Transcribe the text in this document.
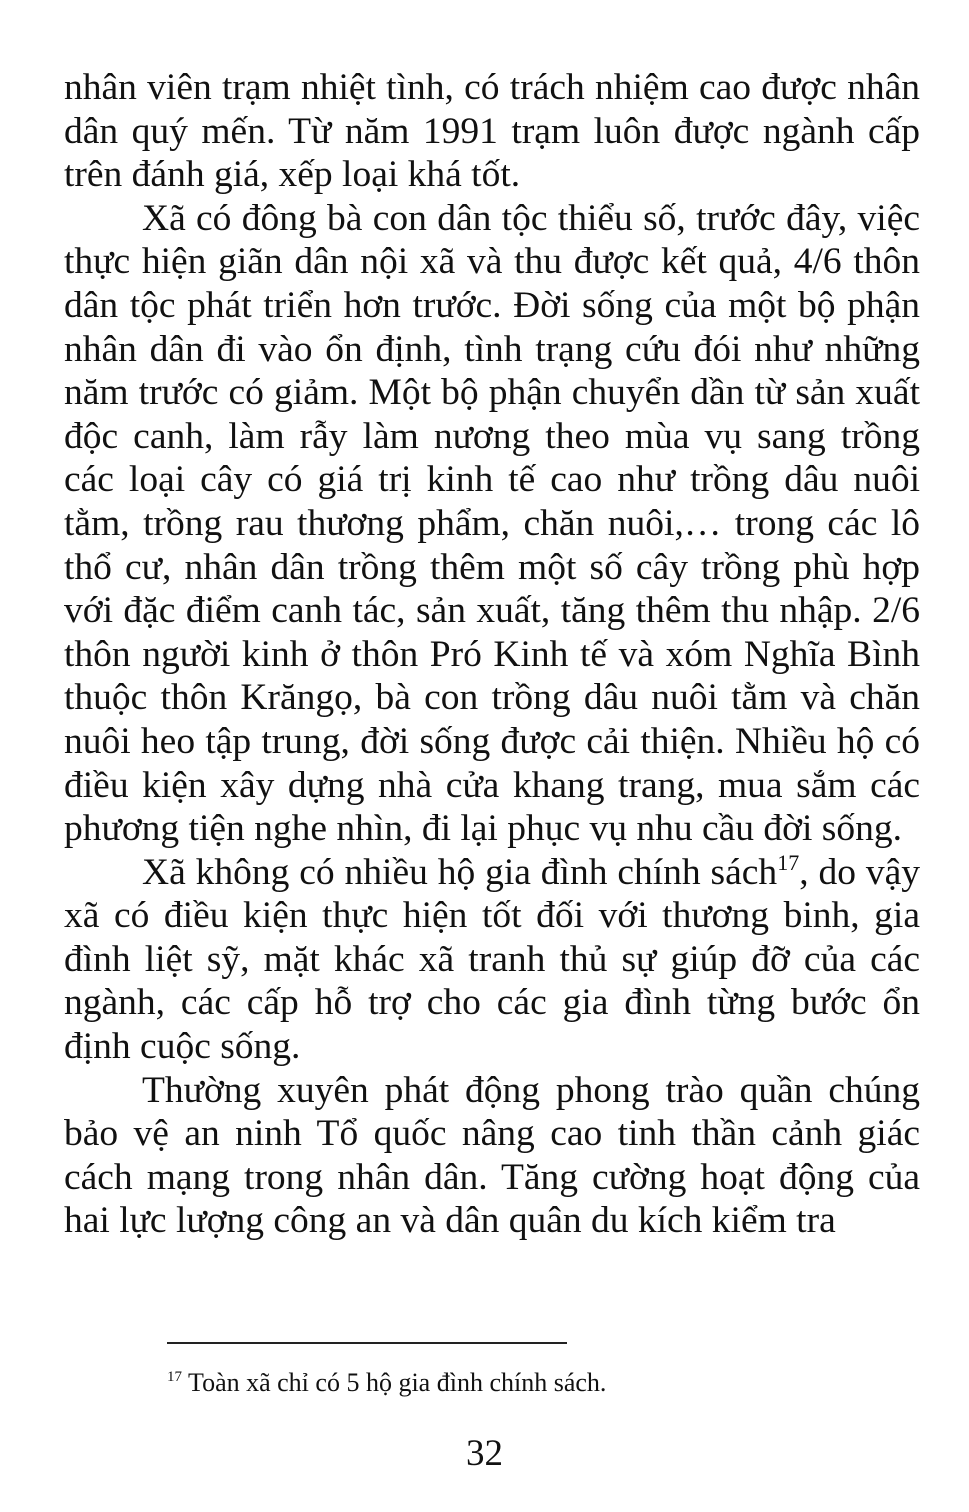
nhân viên trạm nhiệt tình, có trách nhiệm cao được nhân dân quý mến. Từ năm 1991 trạm luôn được ngành cấp trên đánh giá, xếp loại khá tốt.

Xã có đông bà con dân tộc thiểu số, trước đây, việc thực hiện giãn dân nội xã và thu được kết quả, 4/6 thôn dân tộc phát triển hơn trước. Đời sống của một bộ phận nhân dân đi vào ổn định, tình trạng cứu đói như những năm trước có giảm. Một bộ phận chuyển dần từ sản xuất độc canh, làm rẫy làm nương theo mùa vụ sang trồng các loại cây có giá trị kinh tế cao như trồng dâu nuôi tằm, trồng rau thương phẩm, chăn nuôi,… trong các lô thổ cư, nhân dân trồng thêm một số cây trồng phù hợp với đặc điểm canh tác, sản xuất, tăng thêm thu nhập. 2/6 thôn người kinh ở thôn Pró Kinh tế và xóm Nghĩa Bình thuộc thôn Krăngọ, bà con trồng dâu nuôi tằm và chăn nuôi heo tập trung, đời sống được cải thiện. Nhiều hộ có điều kiện xây dựng nhà cửa khang trang, mua sắm các phương tiện nghe nhìn, đi lại phục vụ nhu cầu đời sống.

Xã không có nhiều hộ gia đình chính sách$^{17}$, do vậy xã có điều kiện thực hiện tốt đối với thương binh, gia đình liệt sỹ, mặt khác xã tranh thủ sự giúp đỡ của các ngành, các cấp hỗ trợ cho các gia đình từng bước ổn định cuộc sống.

Thường xuyên phát động phong trào quần chúng bảo vệ an ninh Tổ quốc nâng cao tinh thần cảnh giác cách mạng trong nhân dân. Tăng cường hoạt động của hai lực lượng công an và dân quân du kích kiểm tra

$^{17}$ Toàn xã chỉ có 5 hộ gia đình chính sách.
32
